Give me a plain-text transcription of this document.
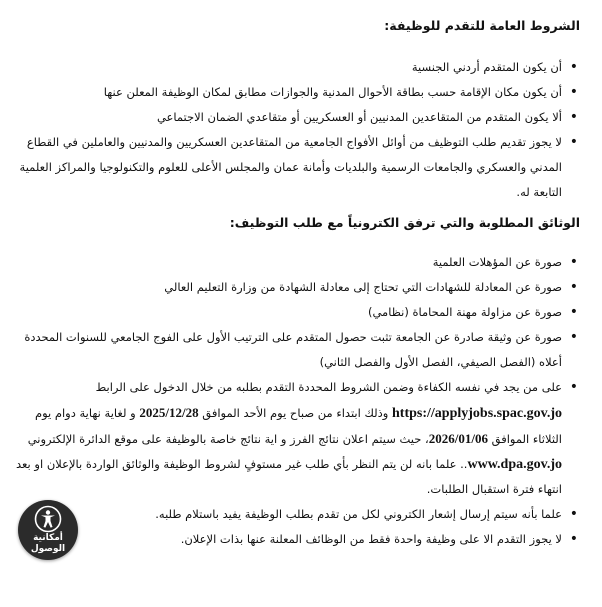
الشروط العامة للتقدم للوظيفة:
•
أن يكون المتقدم أردني الجنسية
•
أن يكون مكان الإقامة حسب بطاقة الأحوال المدنية والجوازات مطابق لمكان الوظيفة المعلن عنها
•
ألا يكون المتقدم من المتقاعدين المدنيين أو العسكريين أو متقاعدي الضمان الاجتماعي
•
لا يجوز تقديم طلب التوظيف من أوائل الأفواج الجامعية من المتقاعدين العسكريين والمدنيين والعاملين في القطاع المدني والعسكري والجامعات الرسمية والبلديات وأمانة عمان والمجلس الأعلى للعلوم والتكنولوجيا والمراكز العلمية التابعة له.
الوثائق المطلوبة والتي ترفق الكترونياً مع طلب التوظيف:
•
صورة عن المؤهلات العلمية
•
صورة عن المعادلة للشهادات التي تحتاج إلى معادلة الشهادة من وزارة التعليم العالي
•
صورة عن مزاولة مهنة المحاماة (نظامي)
•
صورة عن وثيقة صادرة عن الجامعة تثبت حصول المتقدم على الترتيب الأول على الفوج الجامعي للسنوات المحددة أعلاه (الفصل الصيفي، الفصل الأول والفصل الثاني)
•
على من يجد في نفسه الكفاءة وضمن الشروط المحددة التقدم بطلبه من خلال الدخول على الرابط https://applyjobs.spac.gov.jo وذلك ابتداء من صباح يوم الأحد الموافق 2025/12/28 و لغاية نهاية دوام يوم الثلاثاء الموافق 2026/01/06، حيث سيتم اعلان نتائج الفرز و اية نتائج خاصة بالوظيفة على موقع الدائرة الإلكتروني www.dpa.gov.jo.. علما بانه لن يتم النظر بأي طلب غير مستوفٍ لشروط الوظيفة والوثائق الواردة بالإعلان او بعد انتهاء فترة استقبال الطلبات.
•
علما بأنه سيتم إرسال إشعار الكتروني لكل من تقدم بطلب الوظيفة يفيد باستلام طلبه.
•
لا يجوز التقدم الا على وظيفة واحدة فقط من الوظائف المعلنة عنها بذات الإعلان.
أمكانية
الوصول
